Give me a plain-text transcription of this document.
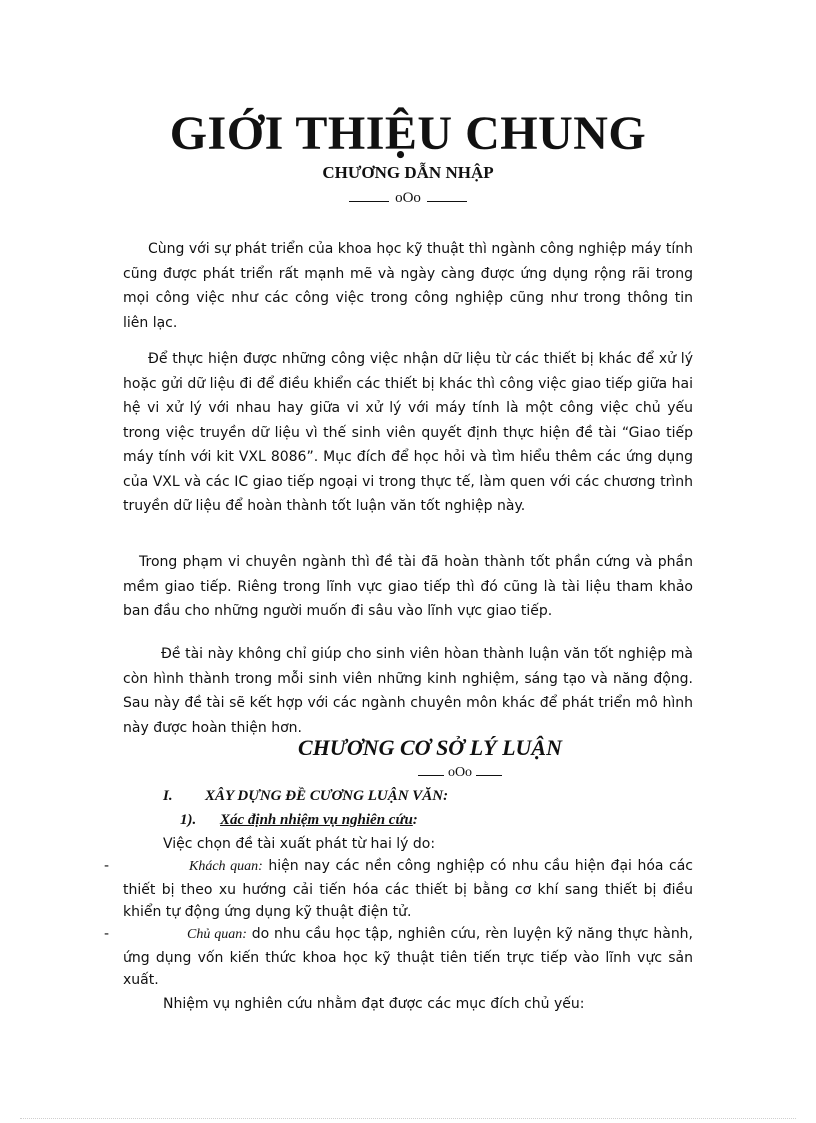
GIỚI THIỆU CHUNG
CHƯƠNG DẪN NHẬP
oOo
Cùng với sự phát triển của khoa học kỹ thuật thì ngành công nghiệp máy tính cũng được phát triển rất mạnh mẽ và ngày càng được ứng dụng rộng rãi trong mọi công việc như các công việc trong công nghiệp cũng như trong thông tin liên lạc.
Để thực hiện được những công việc nhận dữ liệu từ các thiết bị khác để xử lý hoặc gửi dữ liệu đi để điều khiển các thiết bị khác thì công việc giao tiếp giữa hai hệ vi xử lý với nhau hay giữa vi xử lý với máy tính là một công việc chủ yếu trong việc truyền dữ liệu vì thế sinh viên quyết định thực hiện đề tài “Giao tiếp máy tính với kit VXL 8086”. Mục đích để học hỏi và tìm hiểu thêm các ứng dụng của VXL và các IC giao tiếp ngoại vi trong thực tế, làm quen với các chương trình truyền dữ liệu để hoàn thành tốt luận văn tốt nghiệp này.
Trong phạm vi chuyên ngành thì đề tài đã hoàn thành tốt phần cứng và phần mềm giao tiếp. Riêng trong lĩnh vực giao tiếp thì đó cũng là tài liệu tham khảo ban đầu cho những người muốn đi sâu vào lĩnh vực giao tiếp.
Đề tài này không chỉ giúp cho sinh viên hòan thành luận văn tốt nghiệp mà còn hình thành trong mỗi sinh viên những kinh nghiệm, sáng tạo và năng động. Sau này đề tài sẽ kết hợp với các ngành chuyên môn khác để phát triển mô hình này được hoàn thiện hơn.
CHƯƠNG CƠ SỞ LÝ LUẬN
oOo
I. XÂY DỰNG ĐỀ CƯƠNG LUẬN VĂN:
1). Xác định nhiệm vụ nghiên cứu:
Việc chọn đề tài xuất phát từ hai lý do:
-	Khách quan: hiện nay các nền công nghiệp có nhu cầu hiện đại hóa các thiết bị theo xu hướng cải tiến hóa các thiết bị bằng cơ khí sang thiết bị điều khiển tự động ứng dụng kỹ thuật điện tử.
-	Chủ quan: do nhu cầu học tập, nghiên cứu, rèn luyện kỹ năng thực hành, ứng dụng vốn kiến thức khoa học kỹ thuật tiên tiến trực tiếp vào lĩnh vực sản xuất.
Nhiệm vụ nghiên cứu nhằm đạt được các mục đích chủ yếu:
